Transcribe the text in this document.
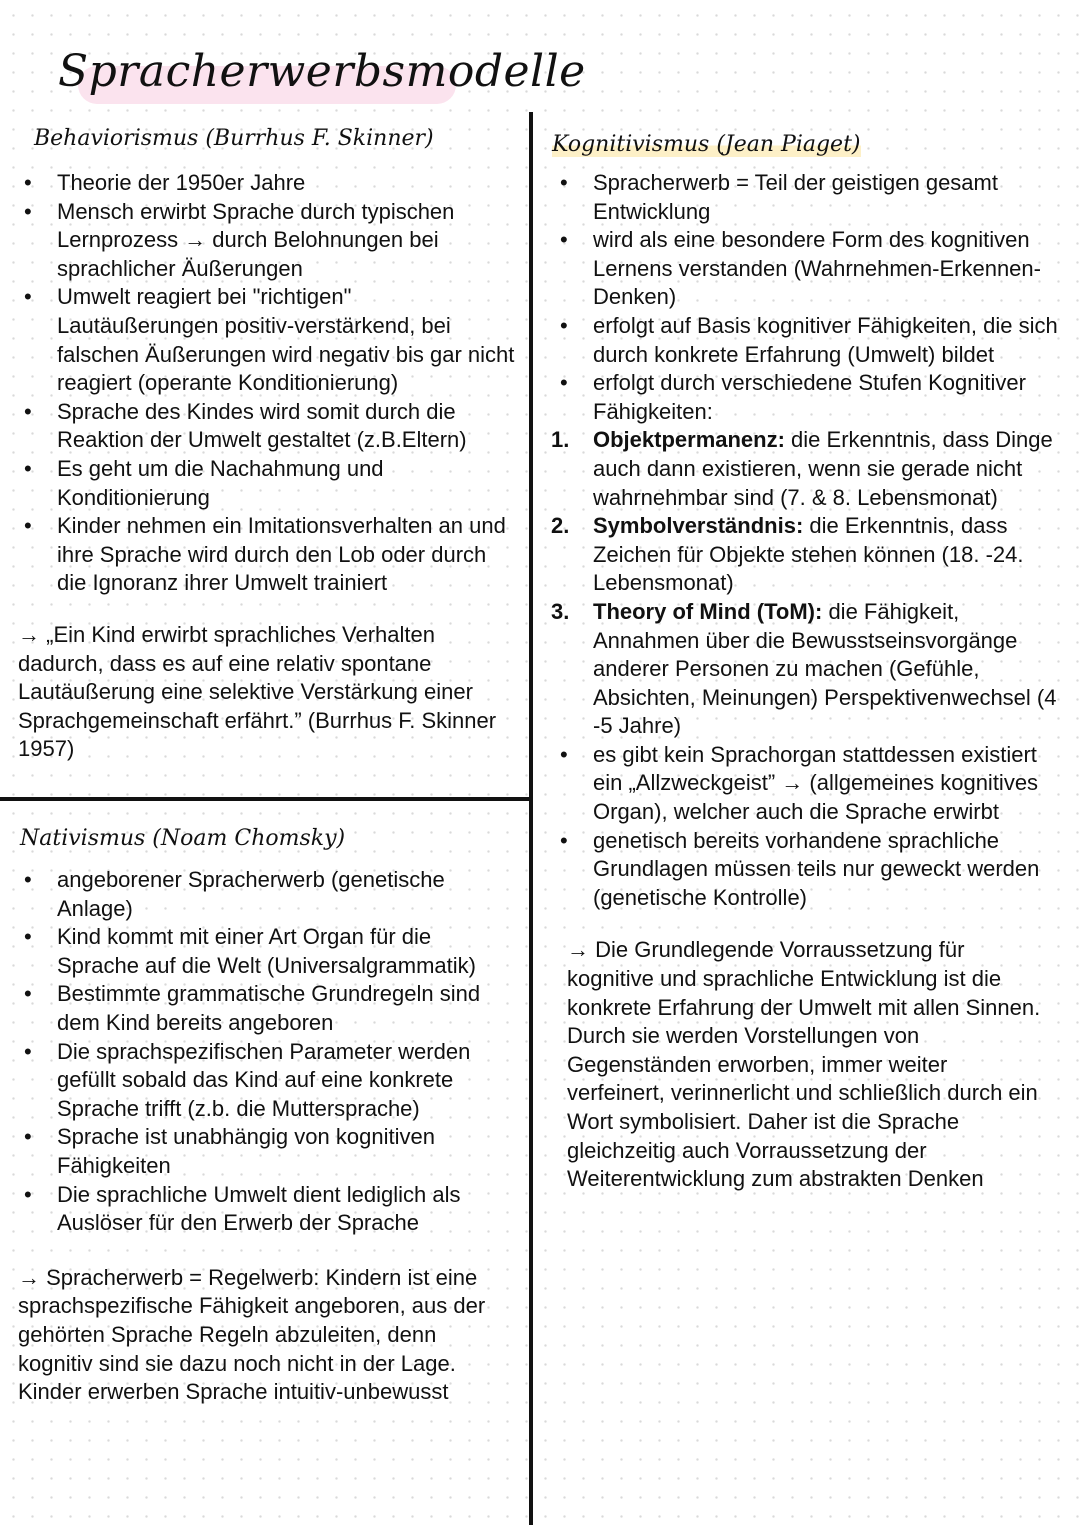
Spracherwerbsmodelle
Behaviorismus (Burrhus F. Skinner)
• Theorie der 1950er Jahre
• Mensch erwirbt Sprache durch typischen Lernprozess → durch Belohnungen bei sprachlicher Äußerungen
• Umwelt reagiert bei "richtigen" Lautäußerungen positiv-verstärkend, bei falschen Äußerungen wird negativ bis gar nicht reagiert (operante Konditionierung)
• Sprache des Kindes wird somit durch die Reaktion der Umwelt gestaltet (z.B.Eltern)
• Es geht um die Nachahmung und Konditionierung
• Kinder nehmen ein Imitationsverhalten an und ihre Sprache wird durch den Lob oder durch die Ignoranz ihrer Umwelt trainiert

→ „Ein Kind erwirbt sprachliches Verhalten dadurch, dass es auf eine relativ spontane Lautäußerung eine selektive Verstärkung einer Sprachgemeinschaft erfährt.” (Burrhus F. Skinner 1957)

Nativismus (Noam Chomsky)
• angeborener Spracherwerb (genetische Anlage)
• Kind kommt mit einer Art Organ für die Sprache auf die Welt (Universalgrammatik)
• Bestimmte grammatische Grundregeln sind dem Kind bereits angeboren
• Die sprachspezifischen Parameter werden gefüllt sobald das Kind auf eine konkrete Sprache trifft (z.b. die Muttersprache)
• Sprache ist unabhängig von kognitiven Fähigkeiten
• Die sprachliche Umwelt dient lediglich als Auslöser für den Erwerb der Sprache

→ Spracherwerb = Regelwerb: Kindern ist eine sprachspezifische Fähigkeit angeboren, aus der gehörten Sprache Regeln abzuleiten, denn kognitiv sind sie dazu noch nicht in der Lage. Kinder erwerben Sprache intuitiv-unbewusst

Kognitivismus (Jean Piaget)
• Spracherwerb = Teil der geistigen gesamt Entwicklung
• wird als eine besondere Form des kognitiven Lernens verstanden (Wahrnehmen-Erkennen-Denken)
• erfolgt auf Basis kognitiver Fähigkeiten, die sich durch konkrete Erfahrung (Umwelt) bildet
• erfolgt durch verschiedene Stufen Kognitiver Fähigkeiten:
1. Objektpermanenz: die Erkenntnis, dass Dinge auch dann existieren, wenn sie gerade nicht wahrnehmbar sind (7. & 8. Lebensmonat)
2. Symbolverständnis: die Erkenntnis, dass Zeichen für Objekte stehen können (18. -24. Lebensmonat)
3. Theory of Mind (ToM): die Fähigkeit, Annahmen über die Bewusstseinsvorgänge anderer Personen zu machen (Gefühle, Absichten, Meinungen) Perspektivenwechsel (4 -5 Jahre)
• es gibt kein Sprachorgan stattdessen existiert ein „Allzweckgeist” → (allgemeines kognitives Organ), welcher auch die Sprache erwirbt
• genetisch bereits vorhandene sprachliche Grundlagen müssen teils nur geweckt werden (genetische Kontrolle)

→ Die Grundlegende Vorraussetzung für kognitive und sprachliche Entwicklung ist die konkrete Erfahrung der Umwelt mit allen Sinnen. Durch sie werden Vorstellungen von Gegenständen erworben, immer weiter verfeinert, verinnerlicht und schließlich durch ein Wort symbolisiert. Daher ist die Sprache gleichzeitig auch Vorraussetzung der Weiterentwicklung zum abstrakten Denken
